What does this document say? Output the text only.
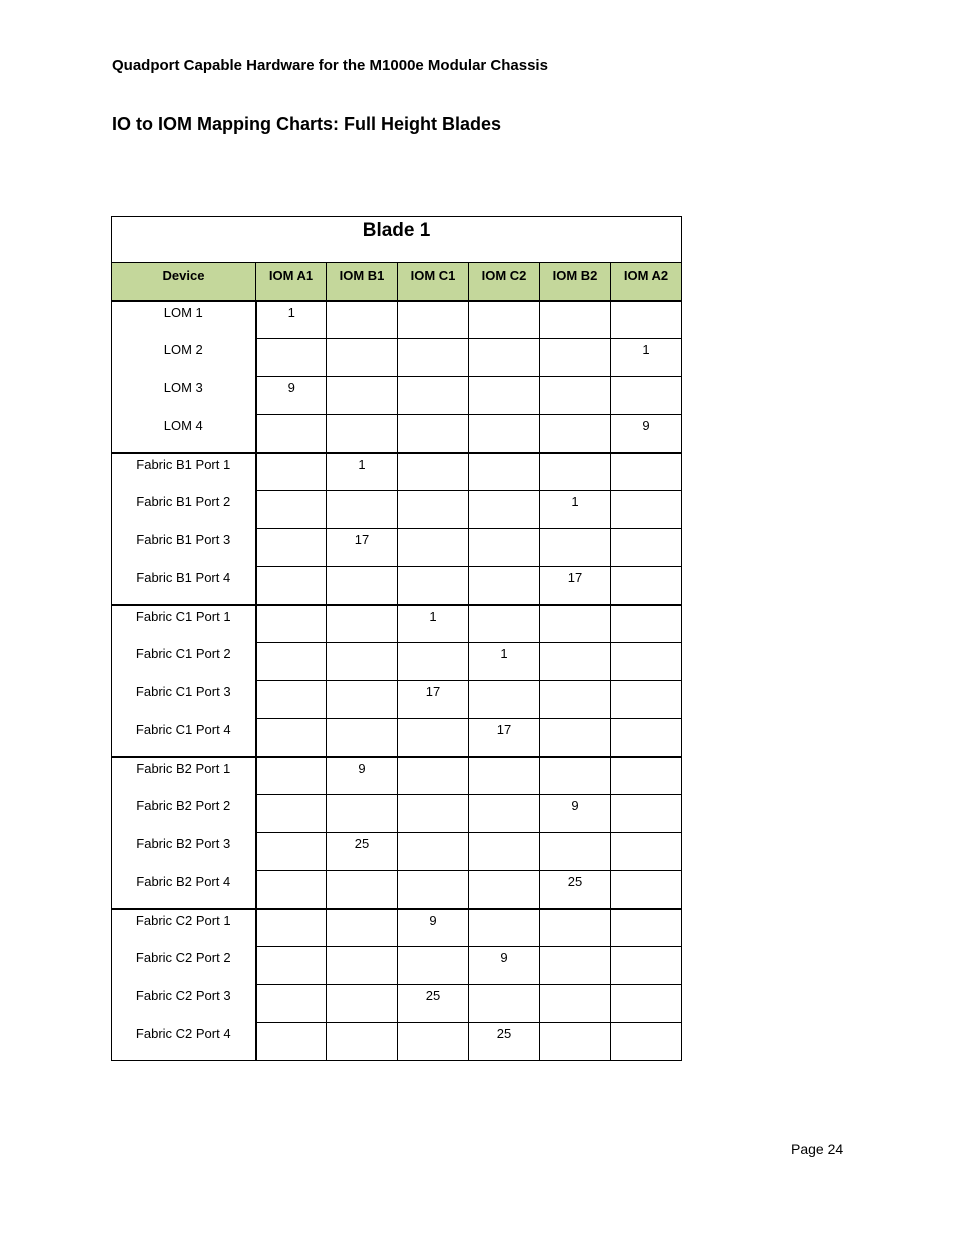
Quadport Capable Hardware for the M1000e Modular Chassis
IO to IOM Mapping Charts: Full Height Blades
Blade 1						
Device	IOM A1	IOM B1	IOM C1	IOM C2	IOM B2	IOM A2
LOM 1	1					
LOM 2						1
LOM 3	9					
LOM 4						9
Fabric B1 Port 1		1				
Fabric B1 Port 2					1	
Fabric B1 Port 3		17				
Fabric B1 Port 4					17	
Fabric C1 Port 1			1			
Fabric C1 Port 2				1		
Fabric C1 Port 3			17			
Fabric C1 Port 4				17		
Fabric B2 Port 1		9				
Fabric B2 Port 2					9	
Fabric B2 Port 3		25				
Fabric B2 Port 4					25	
Fabric C2 Port 1			9			
Fabric C2 Port 2				9		
Fabric C2 Port 3			25			
Fabric C2 Port 4				25		
Page 24
